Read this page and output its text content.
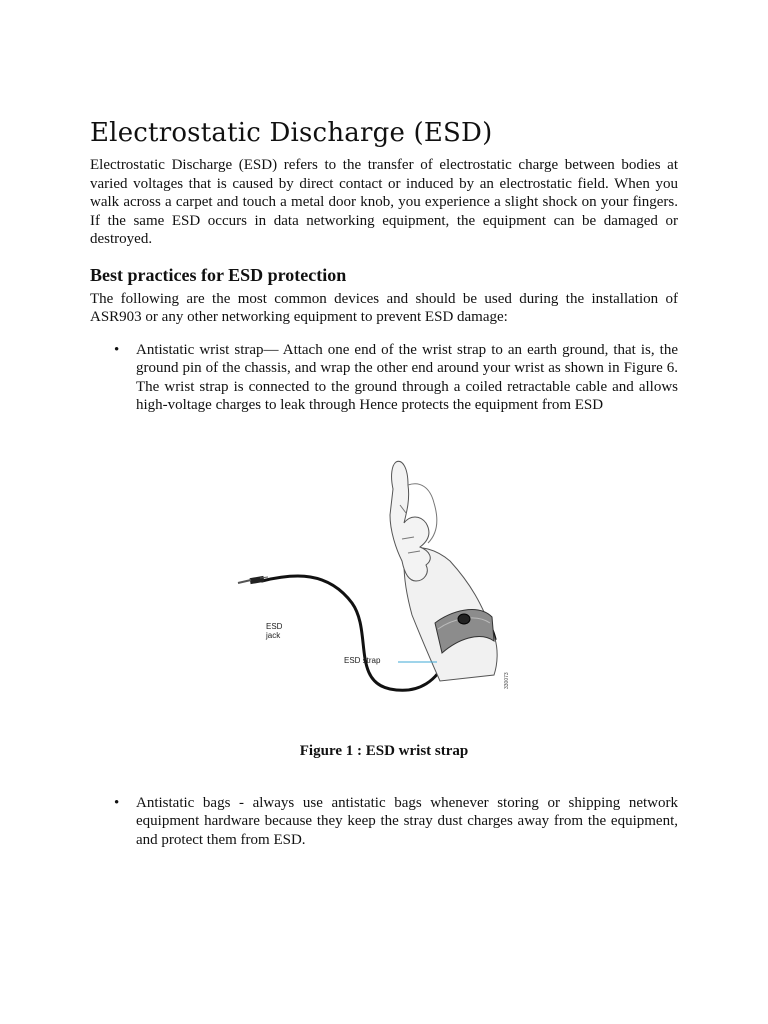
Electrostatic Discharge (ESD)

Electrostatic Discharge (ESD) refers to the transfer of electrostatic charge between bodies at varied voltages that is caused by direct contact or induced by an electrostatic field. When you walk across a carpet and touch a metal door knob, you experience a slight shock on your fingers. If the same ESD occurs in data networking equipment, the equipment can be damaged or destroyed.

Best practices for ESD protection

The following are the most common devices and should be used during the installation of ASR903 or any other networking equipment to prevent ESD damage:

• Antistatic wrist strap— Attach one end of the wrist strap to an earth ground, that is, the ground pin of the chassis, and wrap the other end around your wrist as shown in Figure 6. The wrist strap is connected to the ground through a coiled retractable cable and allows high-voltage charges to leak through Hence protects the equipment from ESD
ESD
jack
ESD strap
330073

Figure 1 : ESD wrist strap

• Antistatic bags - always use antistatic bags whenever storing or shipping network equipment hardware because they keep the stray dust charges away from the equipment, and protect them from ESD.
